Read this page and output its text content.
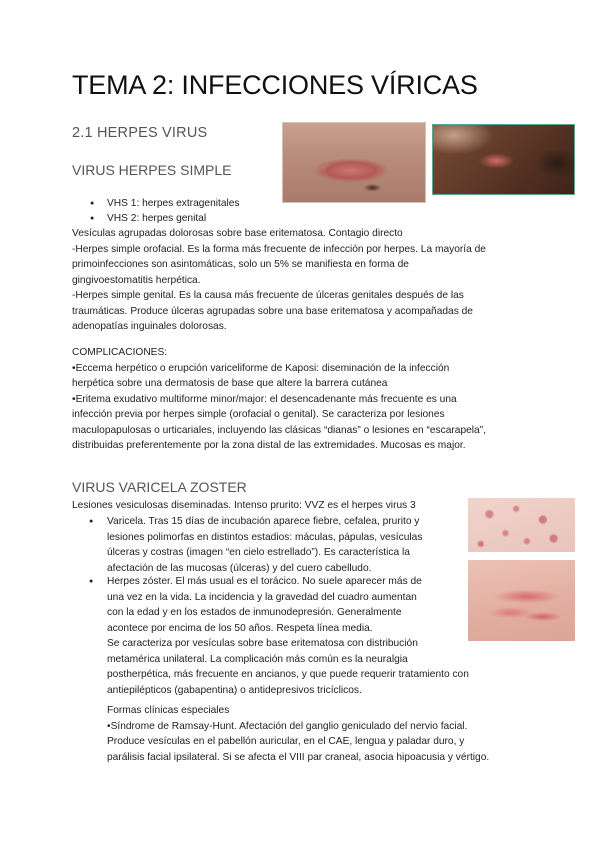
TEMA 2: INFECCIONES VÍRICAS
2.1 HERPES VIRUS
VIRUS HERPES SIMPLE
● VHS 1: herpes extragenitales
● VHS 2: herpes genital
Vesículas agrupadas dolorosas sobre base eritematosa. Contagio directo
-Herpes simple orofacial. Es la forma más frecuente de infección por herpes. La mayoría de
primoinfecciones son asintomáticas, solo un 5% se manifiesta en forma de
gingivoestomatitis herpética.
-Herpes simple genital. Es la causa más frecuente de úlceras genitales después de las
traumáticas. Produce úlceras agrupadas sobre una base eritematosa y acompañadas de
adenopatías inguinales dolorosas.
COMPLICACIONES:
•Eccema herpético o erupción variceliforme de Kaposi: diseminación de la infección
herpética sobre una dermatosis de base que altere la barrera cutánea
•Eritema exudativo multiforme minor/major: el desencadenante más frecuente es una
infección previa por herpes simple (orofacial o genital). Se caracteriza por lesiones
maculopapulosas o urticariales, incluyendo las clásicas “dianas” o lesiones en “escarapela”,
distribuidas preferentemente por la zona distal de las extremidades. Mucosas es major.
VIRUS VARICELA ZOSTER
Lesiones vesiculosas diseminadas. Intenso prurito: VVZ es el herpes virus 3
● Varicela. Tras 15 días de incubación aparece fiebre, cefalea, prurito y
lesiones polimorfas en distintos estadios: máculas, pápulas, vesículas
úlceras y costras (imagen “en cielo estrellado”). Es característica la
afectación de las mucosas (úlceras) y del cuero cabelludo.
● Herpes zóster. El más usual es el torácico. No suele aparecer más de
una vez en la vida. La incidencia y la gravedad del cuadro aumentan
con la edad y en los estados de inmunodepresión. Generalmente
acontece por encima de los 50 años. Respeta línea media.
Se caracteriza por vesículas sobre base eritematosa con distribución
metamérica unilateral. La complicación más común es la neuralgia
postherpética, más frecuente en ancianos, y que puede requerir tratamiento con
antiepilépticos (gabapentina) o antidepresivos tricíclicos.
Formas clínicas especiales
•Síndrome de Ramsay-Hunt. Afectación del ganglio geniculado del nervio facial.
Produce vesículas en el pabellón auricular, en el CAE, lengua y paladar duro, y
parálisis facial ipsilateral. Si se afecta el VIII par craneal, asocia hipoacusia y vértigo.
